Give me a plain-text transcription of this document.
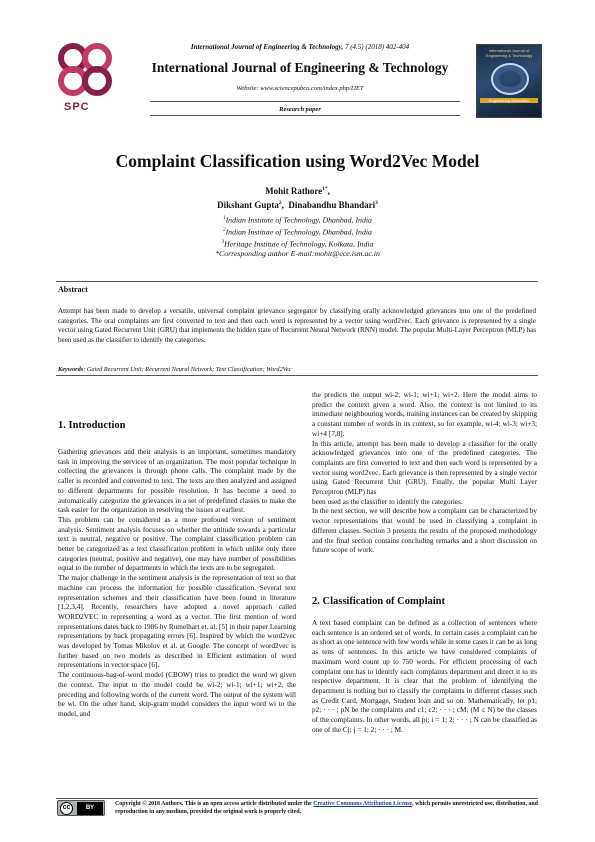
SPC
International Journal of Engineering & Technology, 7 (4.5) (2018) 402-404
International Journal of Engineering & Technology
Website: www.sciencepubco.com/index.php/IJET
Research paper
International Journal of Engineering & Technology
Engineering Education
Complaint Classification using Word2Vec Model
Mohit Rathore$^{1*}$,
Dikshant Gupta$^2$,  Dinabandhu Bhandari$^3$
$^1$Indian Institute of Technology, Dhanbad, India
$^2$Indian Institute of Technology, Dhanbad, India
$^3$Heritage Institute of Technology, Kolkata, India
*Corresponding author E-mail:mohit@ece.ism.ac.in
Abstract
Attempt has been made to develop a versatile, universal complaint grievance segregator by classifying orally acknowledged grievances into one of the predefined categories. The oral complaints are first converted to text and then each word is represented by a vector using word2vec. Each grievance is represented by a single vector using Gated Recurrent Unit (GRU) that implements the hidden state of Recurrent Neural Network (RNN) model. The popular Multi-Layer Perceptron (MLP) has been used as the classifier to identify the categories.
Keywords: Gated Recurrent Unit; Recurrent Neural Network; Text Classification; Word2Vec
1. Introduction

Gathering grievances and their analysis is an important, sometimes mandatory task in improving the services of an organization. The most popular technique in collecting the grievances is through phone calls. The complaint made by the caller is recorded and converted to text. The texts are then analyzed and assigned to different departments for possible resolution. It has become a need to automatically categorize the grievances in a set of predefined classes to make the task easier for the organization in resolving the issues at earliest.

This problem can be considered as a more profound version of sentiment analysis. Sentiment analysis focuses on whether the attitude towards a particular text is neutral, negative or positive. The complaint classification problem can better be categorized as a text classification problem in which unlike only three categories (neutral, positive and negative), one may have number of possibilities equal to the number of departments in which the texts are to be segregated.

The major challenge in the sentiment analysis is the representation of text so that machine can process the information for possible classification. Several text representation schemes and their classification have been found in literature [1,2,3,4]. Recently, researchers have adopted a novel approach called WORD2VEC in representing a word as a vector. The first mention of word representations dates back to 1986 by Rumelhart et. al. [5] in their paper Learning representations by back propagating errors [6]. Inspired by which the word2vec was developed by Tomas Mikolov et al. at Google. The concept of word2vec is further based on two models as described in Efficient estimation of word representations in vector space [6].

The continuous-bag-of-word model (CBOW) tries to predict the word wi given the context. The input to the model could be wi-2; wi-1; wi+1; wi+2, the preceding and following words of the current word. The output of the system will be wi. On the other hand, skip-gram model considers the input word wi to the model, and

the predicts the output wi-2; wi-1; wi+1; wi+2. Here the model aims to predict the context given a word. Also, the context is not limited to its immediate neighbouring words, training instances can be created by skipping a constant number of words in its context, so for example, wi-4; wi-3; wi+3; wi+4 [7,8].

In this article, attempt has been made to develop a classifier for the orally acknowledged grievances into one of the predefined categories. The complaints are first converted to text and then each word is represented by a vector using word2vec. Each grievance is then represented by a single vector using Gated Recurrent Unit (GRU). Finally, the popular Multi Layer Perceptron (MLP) has

been used as the classifier to identify the categories.

In the next section, we will describe how a complaint can be characterized by vector representations that would be used in classifying a complaint in different classes. Section 3 presents the results of the proposed methodology and the final section contains concluding remarks and a short discussion on future scope of work.

2. Classification of Complaint

A text based complaint can be defined as a collection of sentences where each sentence is an ordered set of words. In certain cases a complaint can be as short as one sentence with few words while in some cases it can be as long as tens of sentences. In this article we have considered complaints of maximum word count up to 750 words. For efficient processing of each complaint one has to identify each complaints department and direct it to its respective department. It is clear that the problem of identifying the department is nothing but to classify the complaints in different classes such as Credit Card, Mortgage, Student loan and so on. Mathematically, let p1; p2; · · · ; pN be the complaints and c1; c2; · · · ; cM; (M ≤ N) be the classes of the complaints. In other words, all pi; i = 1; 2; · · · ; N can be classified as one of the Cj; j = 1; 2; · · · ; M.

cc	BY
Copyright © 2018 Authors. This is an open access article distributed under the Creative Commons Attribution License, which permits unrestricted use, distribution, and reproduction in any medium, provided the original work is properly cited.
